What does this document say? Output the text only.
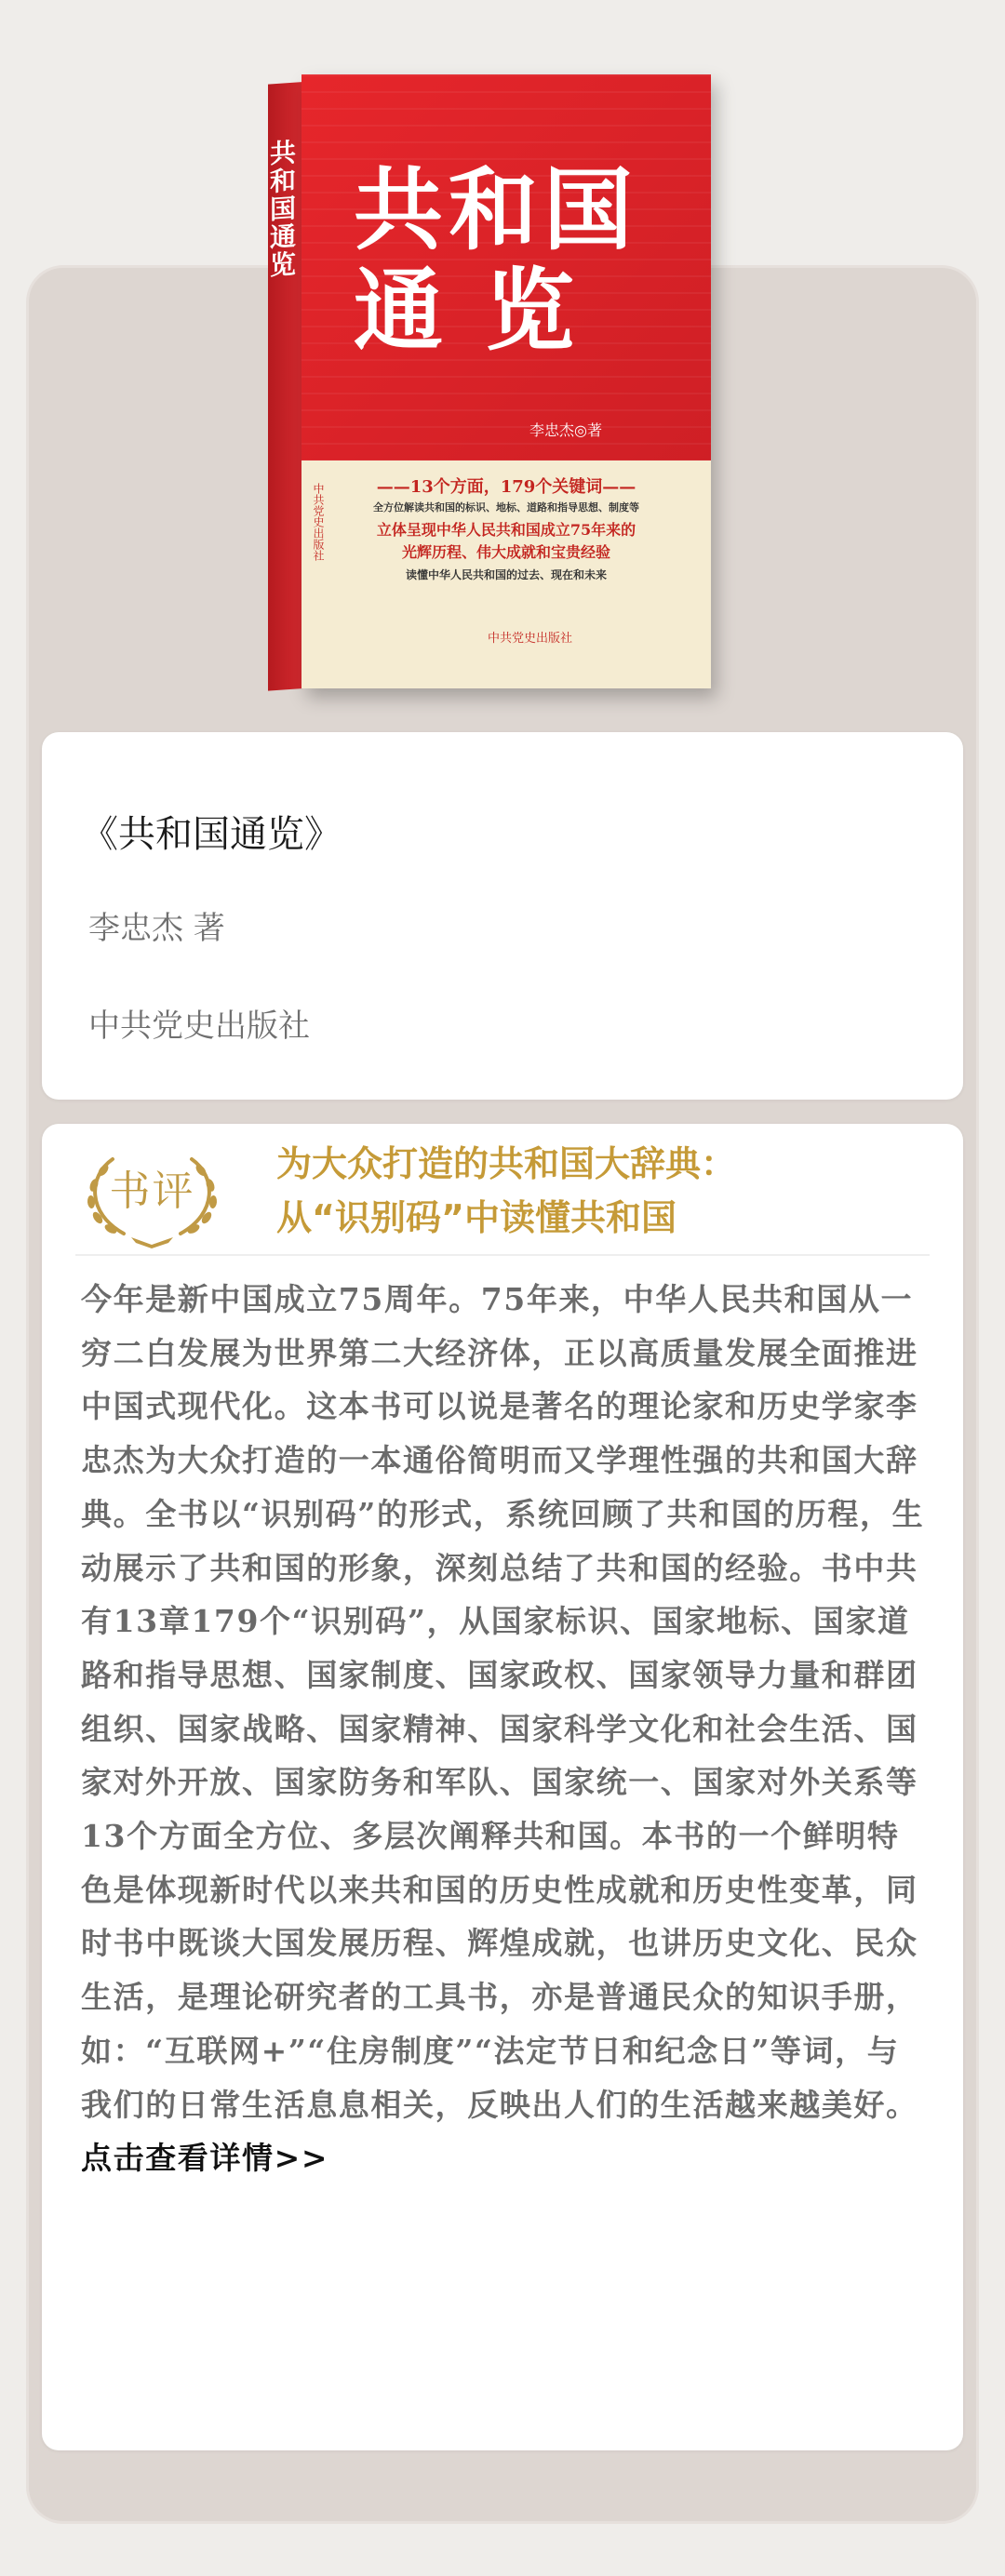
共和国通览 共和国
通 览
李忠杰◎著
中共党史出版社	——13个方面，179个关键词——
全方位解读共和国的标识、地标、道路和指导思想、制度等
立体呈现中华人民共和国成立75年来的
光辉历程、伟大成就和宝贵经验
读懂中华人民共和国的过去、现在和未来
中共党史出版社
《共和国通览》
李忠杰 著
中共党史出版社
书评
为大众打造的共和国大辞典：
从“识别码”中读懂共和国

今年是新中国成立75周年。75年来，中华人民共和国从一穷二白发展为世界第二大经济体，正以高质量发展全面推进中国式现代化。这本书可以说是著名的理论家和历史学家李忠杰为大众打造的一本通俗简明而又学理性强的共和国大辞典。全书以“识别码”的形式，系统回顾了共和国的历程，生动展示了共和国的形象，深刻总结了共和国的经验。书中共有13章179个“识别码”，从国家标识、国家地标、国家道路和指导思想、国家制度、国家政权、国家领导力量和群团组织、国家战略、国家精神、国家科学文化和社会生活、国家对外开放、国家防务和军队、国家统一、国家对外关系等13个方面全方位、多层次阐释共和国。本书的一个鲜明特色是体现新时代以来共和国的历史性成就和历史性变革，同时书中既谈大国发展历程、辉煌成就，也讲历史文化、民众生活，是理论研究者的工具书，亦是普通民众的知识手册，如：“互联网+”“住房制度”“法定节日和纪念日”等词，与我们的日常生活息息相关，反映出人们的生活越来越美好。点击查看详情>>
